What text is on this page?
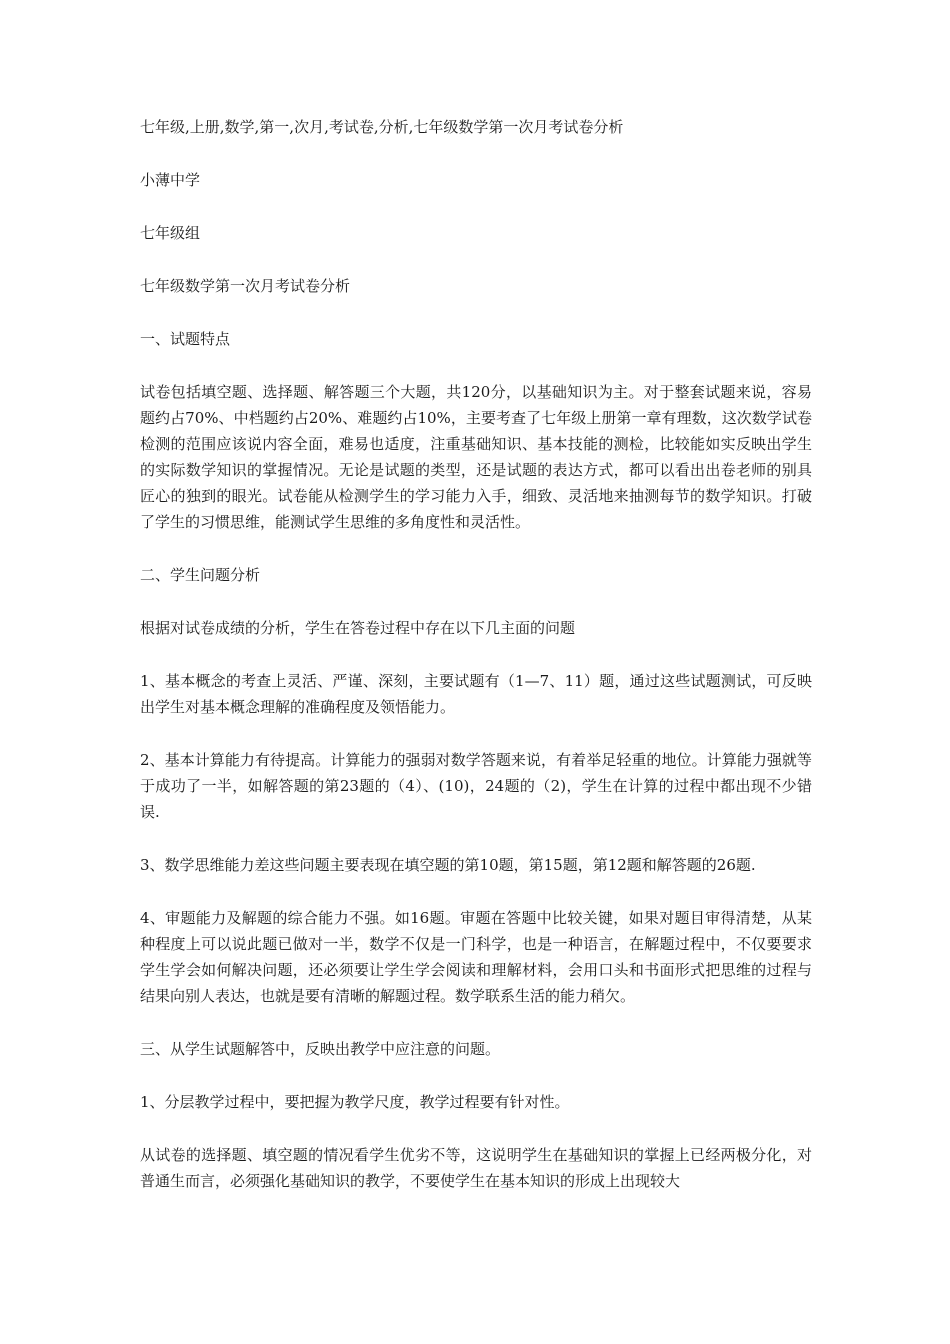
七年级,上册,数学,第一,次月,考试卷,分析,七年级数学第一次月考试卷分析

小薄中学

七年级组

七年级数学第一次月考试卷分析

一、试题特点

试卷包括填空题、选择题、解答题三个大题，共120分，以基础知识为主。对于整套试题来说，容易题约占70%、中档题约占20%、难题约占10%，主要考查了七年级上册第一章有理数，这次数学试卷检测的范围应该说内容全面，难易也适度，注重基础知识、基本技能的测检，比较能如实反映出学生的实际数学知识的掌握情况。无论是试题的类型，还是试题的表达方式，都可以看出出卷老师的别具匠心的独到的眼光。试卷能从检测学生的学习能力入手，细致、灵活地来抽测每节的数学知识。打破了学生的习惯思维，能测试学生思维的多角度性和灵活性。

二、学生问题分析

根据对试卷成绩的分析，学生在答卷过程中存在以下几主面的问题

1、基本概念的考查上灵活、严谨、深刻，主要试题有（1—7、11）题，通过这些试题测试，可反映出学生对基本概念理解的准确程度及领悟能力。

2、基本计算能力有待提高。计算能力的强弱对数学答题来说，有着举足轻重的地位。计算能力强就等于成功了一半，如解答题的第23题的（4）、(10)，24题的（2)，学生在计算的过程中都出现不少错误.

3、数学思维能力差这些问题主要表现在填空题的第10题，第15题，第12题和解答题的26题.

4、审题能力及解题的综合能力不强。如16题。审题在答题中比较关键，如果对题目审得清楚，从某种程度上可以说此题已做对一半，数学不仅是一门科学，也是一种语言，在解题过程中，不仅要要求学生学会如何解决问题，还必须要让学生学会阅读和理解材料，会用口头和书面形式把思维的过程与结果向别人表达，也就是要有清晰的解题过程。数学联系生活的能力稍欠。

三、从学生试题解答中，反映出教学中应注意的问题。

1、分层教学过程中，要把握为教学尺度，教学过程要有针对性。

从试卷的选择题、填空题的情况看学生优劣不等，这说明学生在基础知识的掌握上已经两极分化，对普通生而言，必须强化基础知识的教学，不要使学生在基本知识的形成上出现较大
